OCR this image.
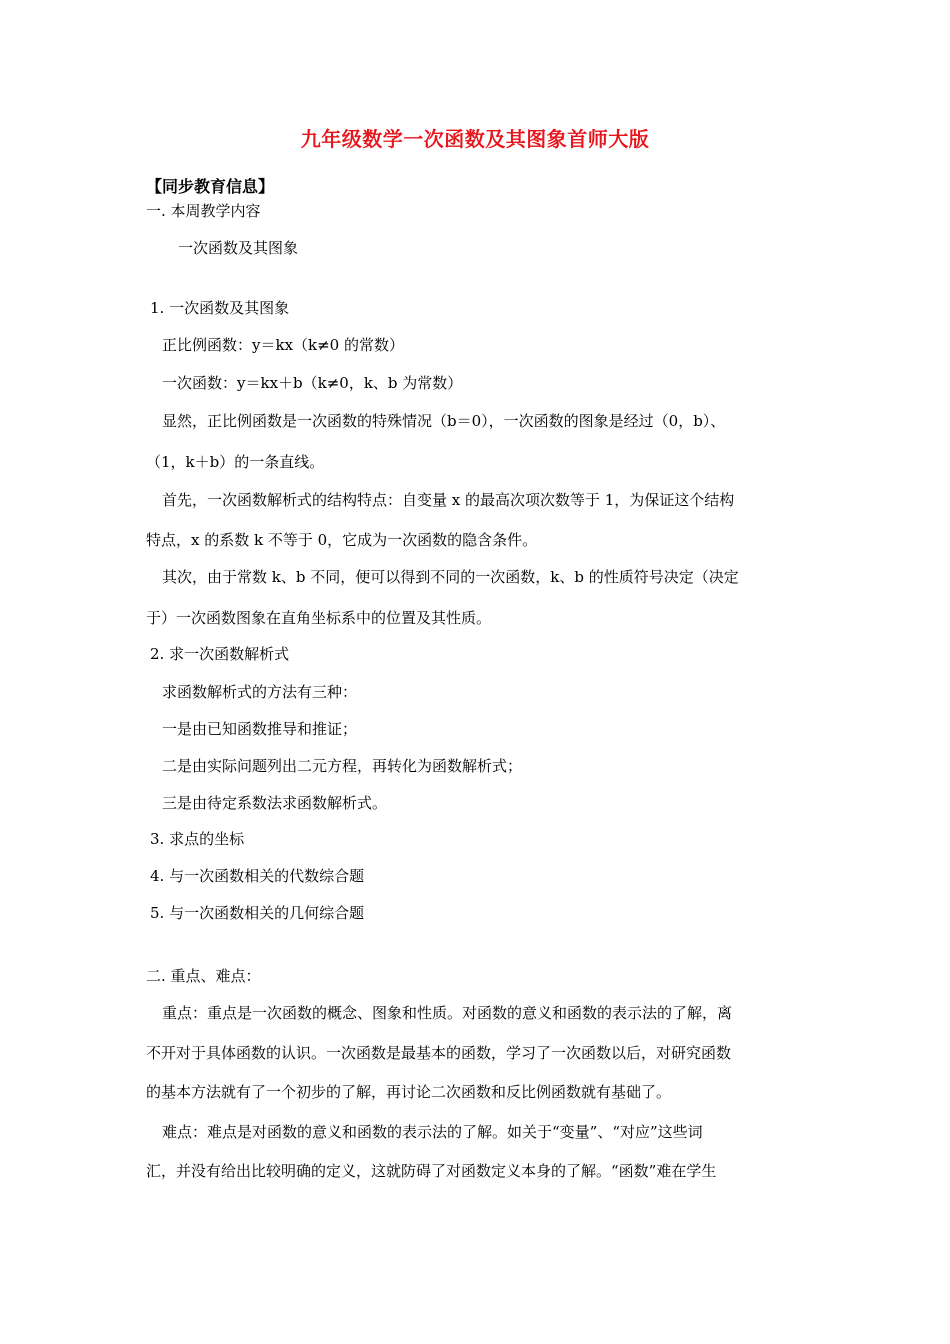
九年级数学一次函数及其图象首师大版
【同步教育信息】
一. 本周教学内容
一次函数及其图象
1. 一次函数及其图象
正比例函数：y＝kx（k≠0 的常数）
一次函数：y＝kx＋b（k≠0，k、b 为常数）
显然，正比例函数是一次函数的特殊情况（b＝0），一次函数的图象是经过（0，b）、
（1，k＋b）的一条直线。
首先，一次函数解析式的结构特点：自变量 x 的最高次项次数等于 1，为保证这个结构
特点，x 的系数 k 不等于 0，它成为一次函数的隐含条件。
其次，由于常数 k、b 不同，便可以得到不同的一次函数，k、b 的性质符号决定（决定
于）一次函数图象在直角坐标系中的位置及其性质。
2. 求一次函数解析式
求函数解析式的方法有三种：
一是由已知函数推导和推证；
二是由实际问题列出二元方程，再转化为函数解析式；
三是由待定系数法求函数解析式。
3. 求点的坐标
4. 与一次函数相关的代数综合题
5. 与一次函数相关的几何综合题
二. 重点、难点：
重点：重点是一次函数的概念、图象和性质。对函数的意义和函数的表示法的了解，离
不开对于具体函数的认识。一次函数是最基本的函数，学习了一次函数以后，对研究函数
的基本方法就有了一个初步的了解，再讨论二次函数和反比例函数就有基础了。
难点：难点是对函数的意义和函数的表示法的了解。如关于“变量”、“对应”这些词
汇，并没有给出比较明确的定义，这就防碍了对函数定义本身的了解。“函数”难在学生
